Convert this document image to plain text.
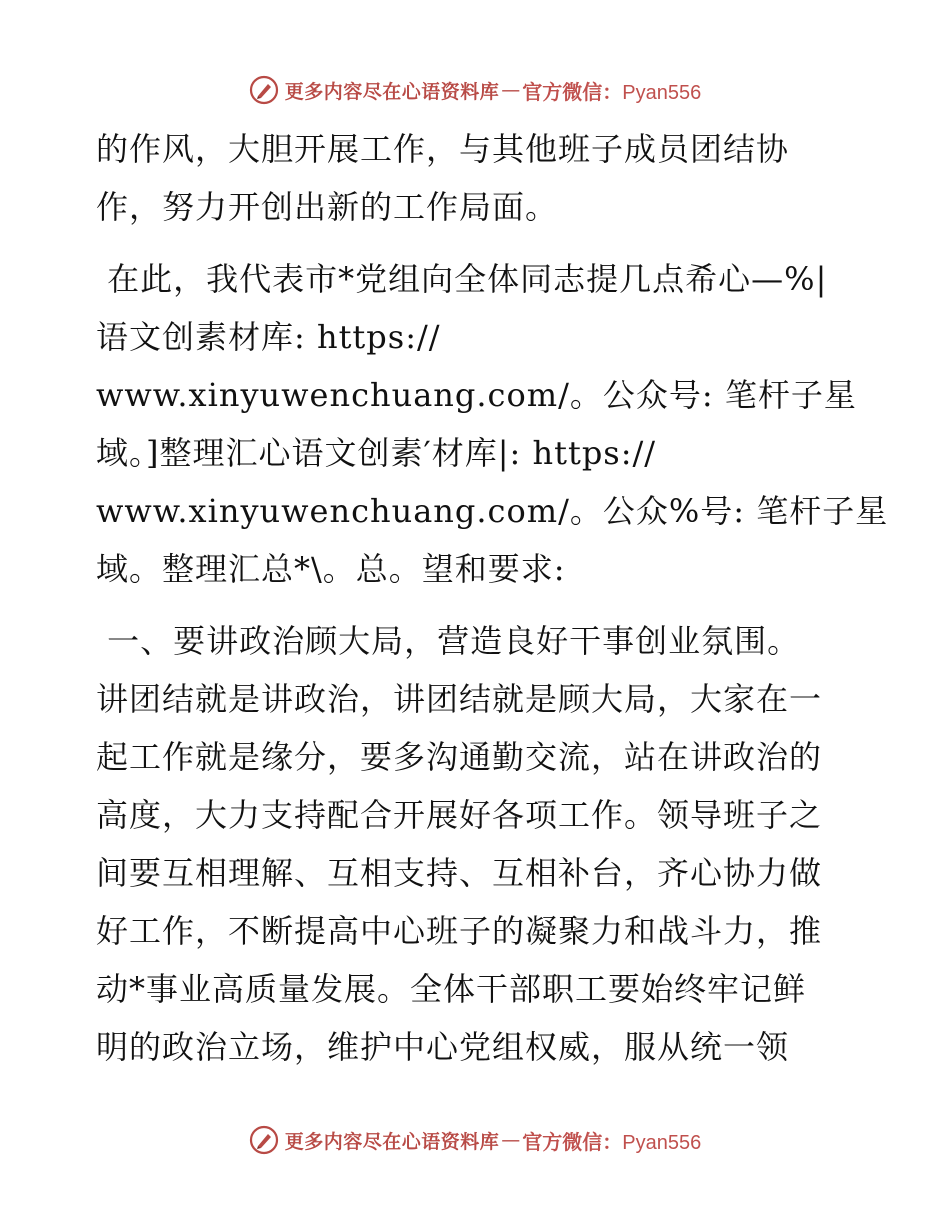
更多内容尽在心语资料库 — 官方微信：Pyan556

的作风，大胆开展工作，与其他班子成员团结协
作，努力开创出新的工作局面。

在此，我代表市*党组向全体同志提几点希心—%|
语文创素材库: https://
www.xinyuwenchuang.com/。公众号: 笔杆子星
域。]整理汇心语文创素′材库|: https://
www.xinyuwenchuang.com/。公众%号: 笔杆子星
域。整理汇总*\。总。望和要求:

一、要讲政治顾大局，营造良好干事创业氛围。
讲团结就是讲政治，讲团结就是顾大局，大家在一
起工作就是缘分，要多沟通勤交流，站在讲政治的
高度，大力支持配合开展好各项工作。领导班子之
间要互相理解、互相支持、互相补台，齐心协力做
好工作，不断提高中心班子的凝聚力和战斗力，推
动*事业高质量发展。全体干部职工要始终牢记鲜
明的政治立场，维护中心党组权威，服从统一领

更多内容尽在心语资料库 — 官方微信：Pyan556
